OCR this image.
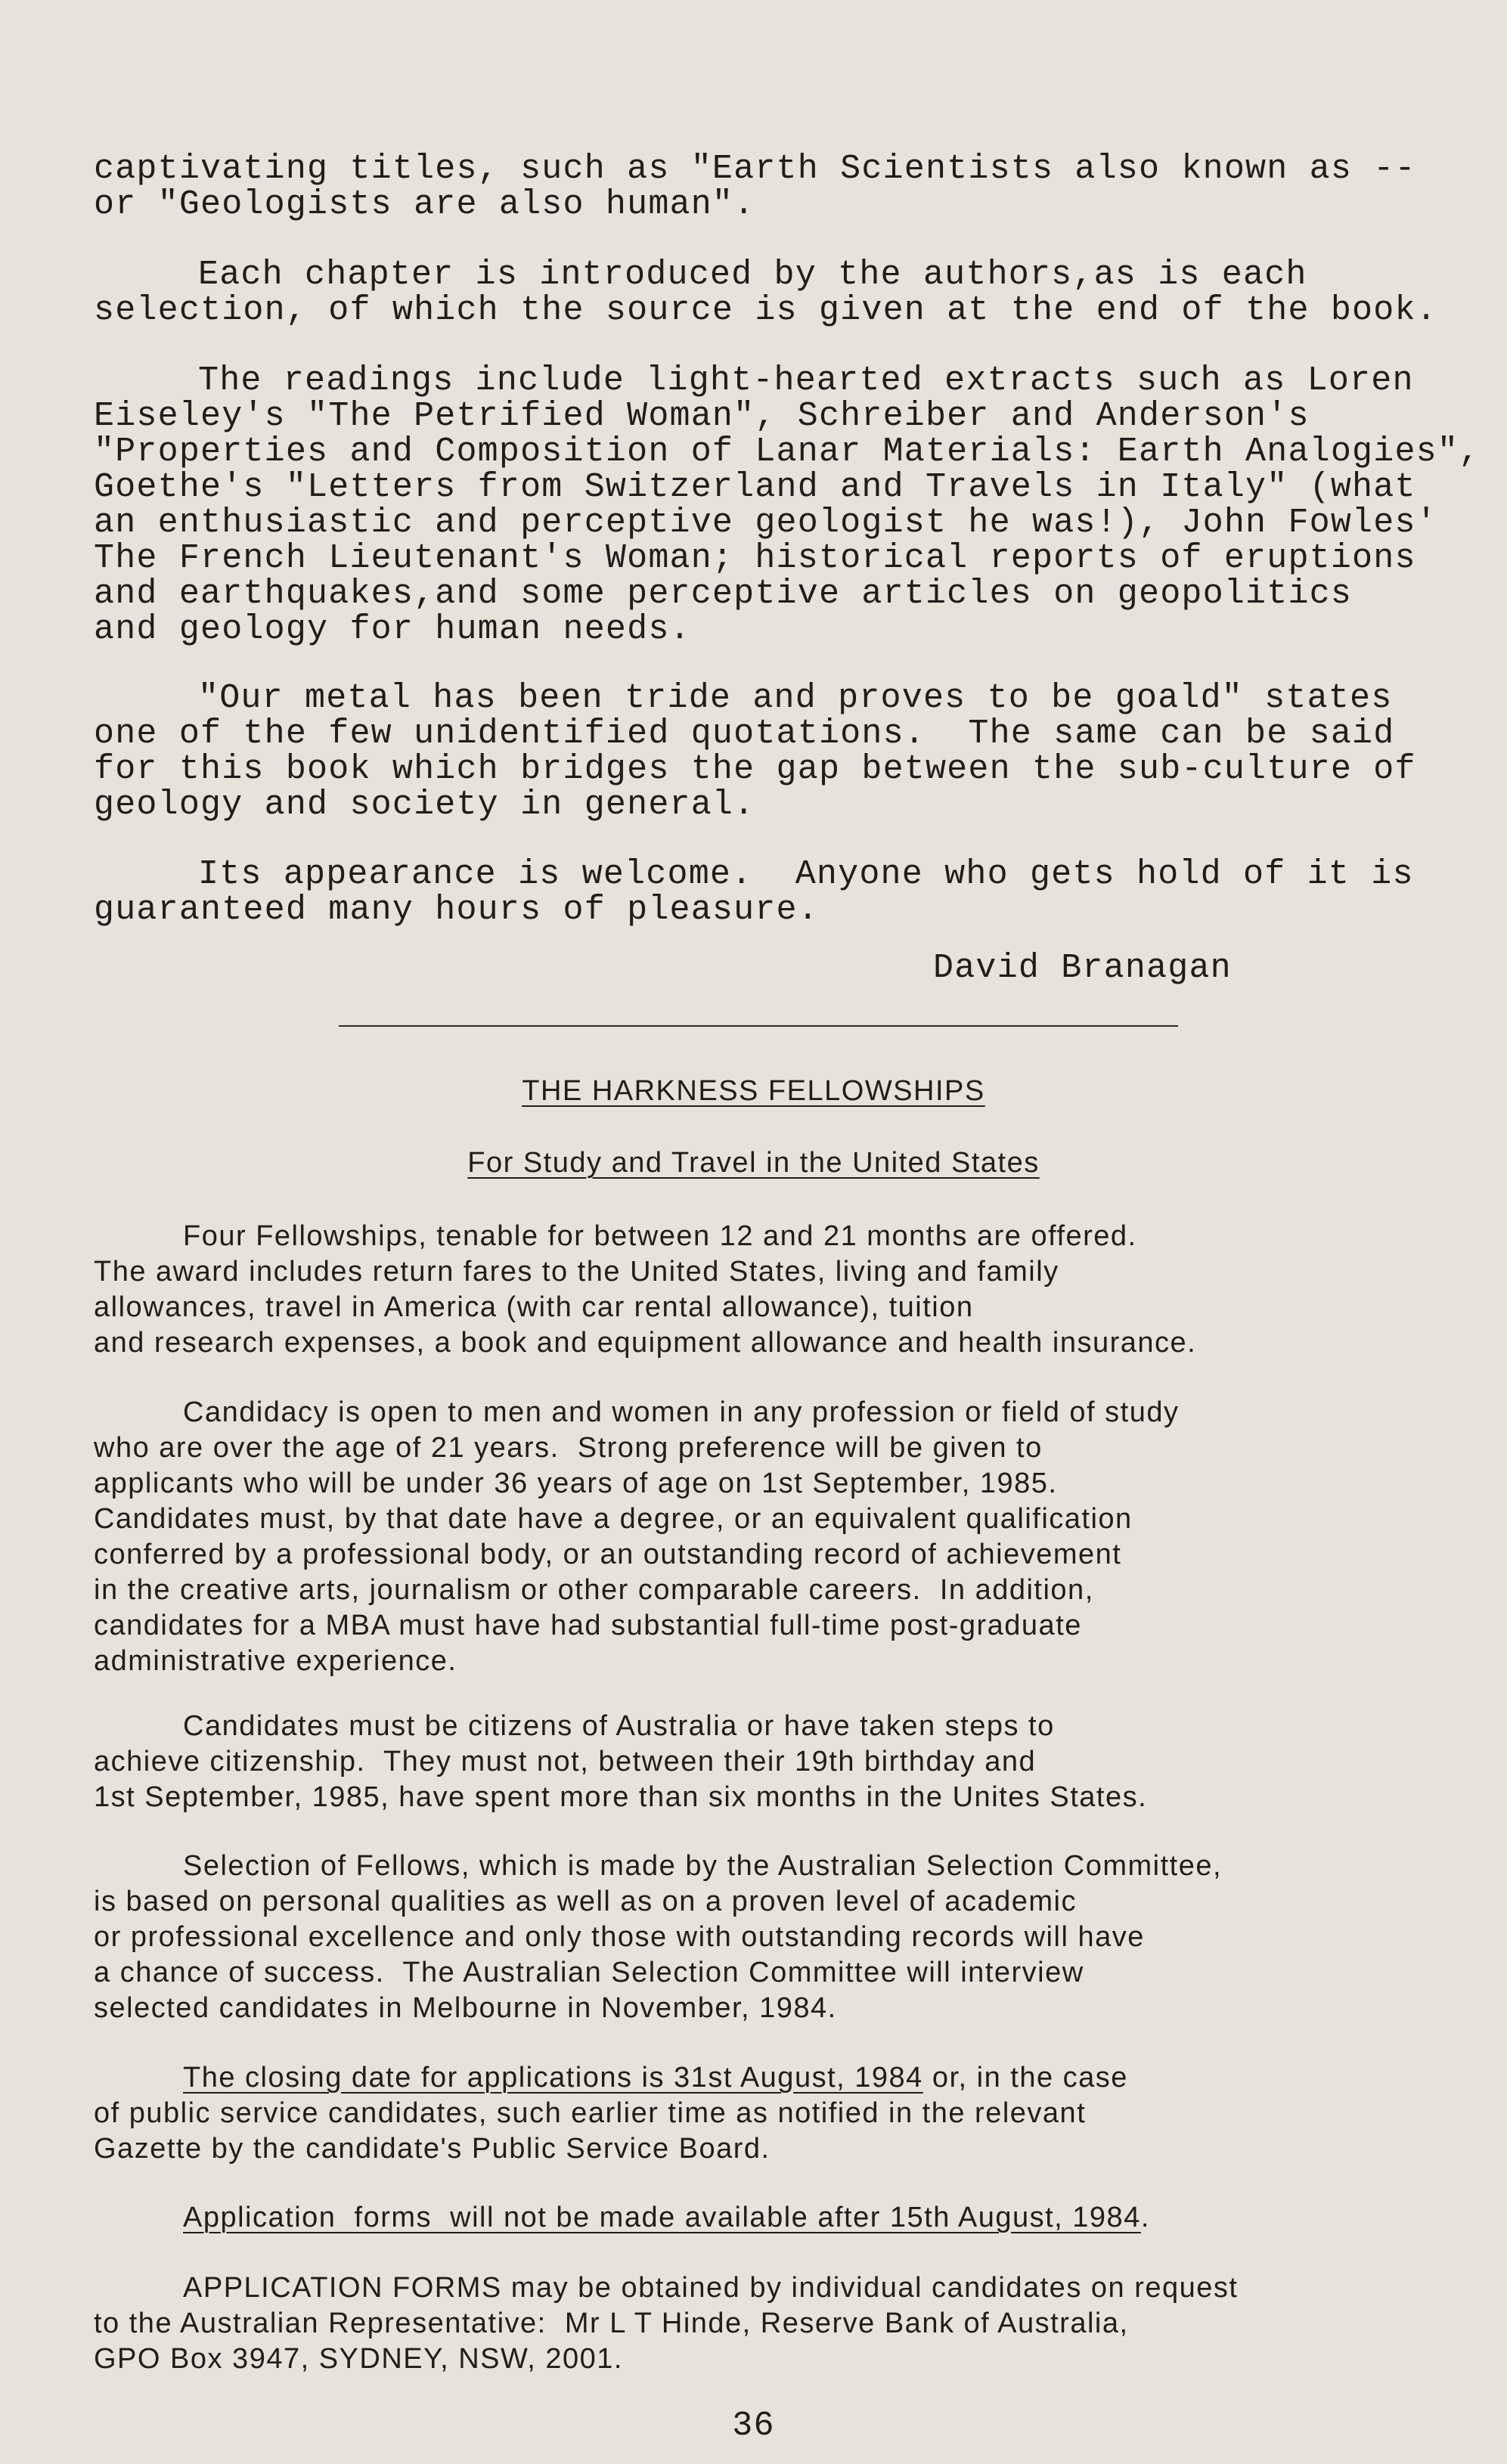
captivating titles, such as "Earth Scientists also known as --
or "Geologists are also human".

Each chapter is introduced by the authors,as is each
selection, of which the source is given at the end of the book.

The readings include light-hearted extracts such as Loren
Eiseley's "The Petrified Woman", Schreiber and Anderson's
"Properties and Composition of Lanar Materials: Earth Analogies",
Goethe's "Letters from Switzerland and Travels in Italy" (what
an enthusiastic and perceptive geologist he was!), John Fowles'
The French Lieutenant's Woman; historical reports of eruptions
and earthquakes,and some perceptive articles on geopolitics
and geology for human needs.

"Our metal has been tride and proves to be goald" states
one of the few unidentified quotations.  The same can be said
for this book which bridges the gap between the sub-culture of
geology and society in general.

Its appearance is welcome.  Anyone who gets hold of it is
guaranteed many hours of pleasure.

David Branagan
THE HARKNESS FELLOWSHIPS
For Study and Travel in the United States

Four Fellowships, tenable for between 12 and 21 months are offered.
The award includes return fares to the United States, living and family
allowances, travel in America (with car rental allowance), tuition
and research expenses, a book and equipment allowance and health insurance.

Candidacy is open to men and women in any profession or field of study
who are over the age of 21 years.  Strong preference will be given to
applicants who will be under 36 years of age on 1st September, 1985.
Candidates must, by that date have a degree, or an equivalent qualification
conferred by a professional body, or an outstanding record of achievement
in the creative arts, journalism or other comparable careers.  In addition,
candidates for a MBA must have had substantial full-time post-graduate
administrative experience.

Candidates must be citizens of Australia or have taken steps to
achieve citizenship.  They must not, between their 19th birthday and
1st September, 1985, have spent more than six months in the Unites States.

Selection of Fellows, which is made by the Australian Selection Committee,
is based on personal qualities as well as on a proven level of academic
or professional excellence and only those with outstanding records will have
a chance of success.  The Australian Selection Committee will interview
selected candidates in Melbourne in November, 1984.

The closing date for applications is 31st August, 1984 or, in the case
of public service candidates, such earlier time as notified in the relevant
Gazette by the candidate's Public Service Board.

Application  forms  will not be made available after 15th August, 1984.

APPLICATION FORMS may be obtained by individual candidates on request
to the Australian Representative:  Mr L T Hinde, Reserve Bank of Australia,
GPO Box 3947, SYDNEY, NSW, 2001.

36
